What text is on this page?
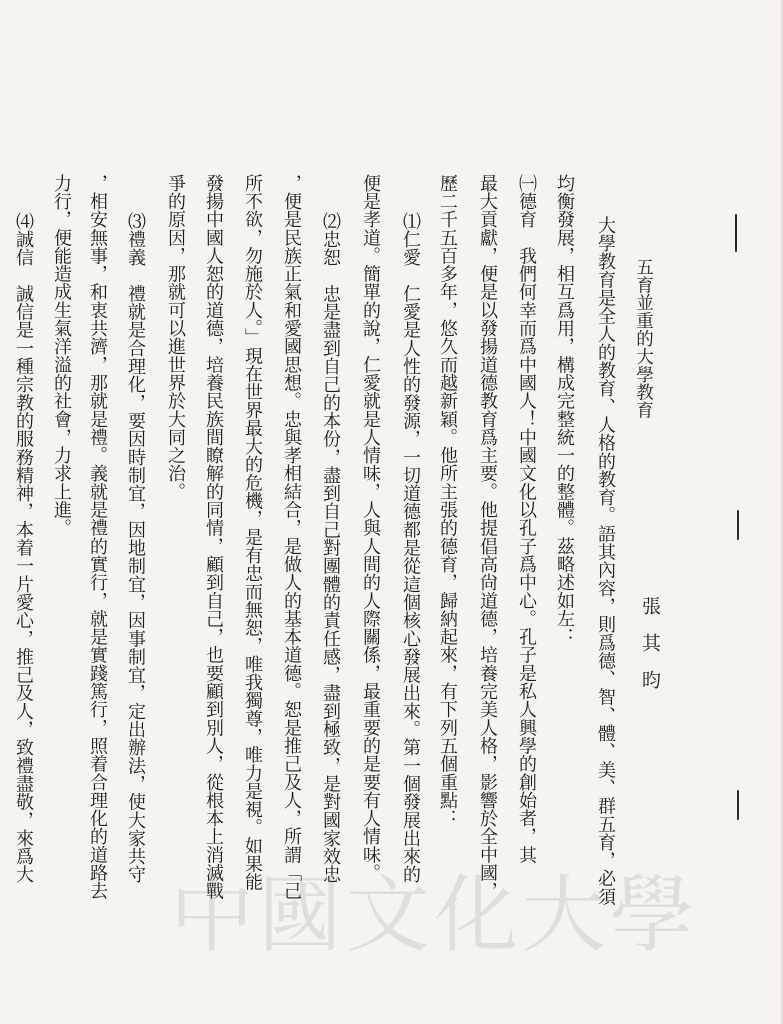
五育並重的大學教育
張其昀

大學教育是全人的教育、人格的教育。語其內容，則爲德、智、體、美、群五育，必須

均衡發展，相互爲用，構成完整統一的整體。茲略述如左：

㈠德育　我們何幸而爲中國人！中國文化以孔子爲中心。孔子是私人興學的創始者，其

最大貢獻，便是以發揚道德教育爲主要。他提倡高尙道德，培養完美人格，影響於全中國，

歷二千五百多年，悠久而越新穎。他所主張的德育，歸納起來，有下列五個重點：

⑴仁愛　仁愛是人性的發源，一切道德都是從這個核心發展出來。第一個發展出來的

便是孝道。簡單的說，仁愛就是人情味，人與人間的人際關係，最重要的是要有人情味。

⑵忠恕　忠是盡到自己的本份，盡到自己對團體的責任感，盡到極致，是對國家效忠

，便是民族正氣和愛國思想。忠與孝相結合，是做人的基本道德。恕是推己及人，所謂「己

所不欲，勿施於人。」現在世界最大的危機，是有忠而無恕，唯我獨尊，唯力是視。如果能

發揚中國人恕的道德，培養民族間瞭解的同情，顧到自己，也要顧到別人，從根本上消滅戰

爭的原因，那就可以進世界於大同之治。

⑶禮義　禮就是合理化，要因時制宜，因地制宜，因事制宜，定出辦法，使大家共守

，相安無事，和衷共濟，那就是禮。義就是禮的實行，就是實踐篤行，照着合理化的道路去

力行，便能造成生氣洋溢的社會，力求上進。

⑷誠信　誠信是一種宗教的服務精神，本着一片愛心，推己及人，致禮盡敬，來爲大

中國文化大學
